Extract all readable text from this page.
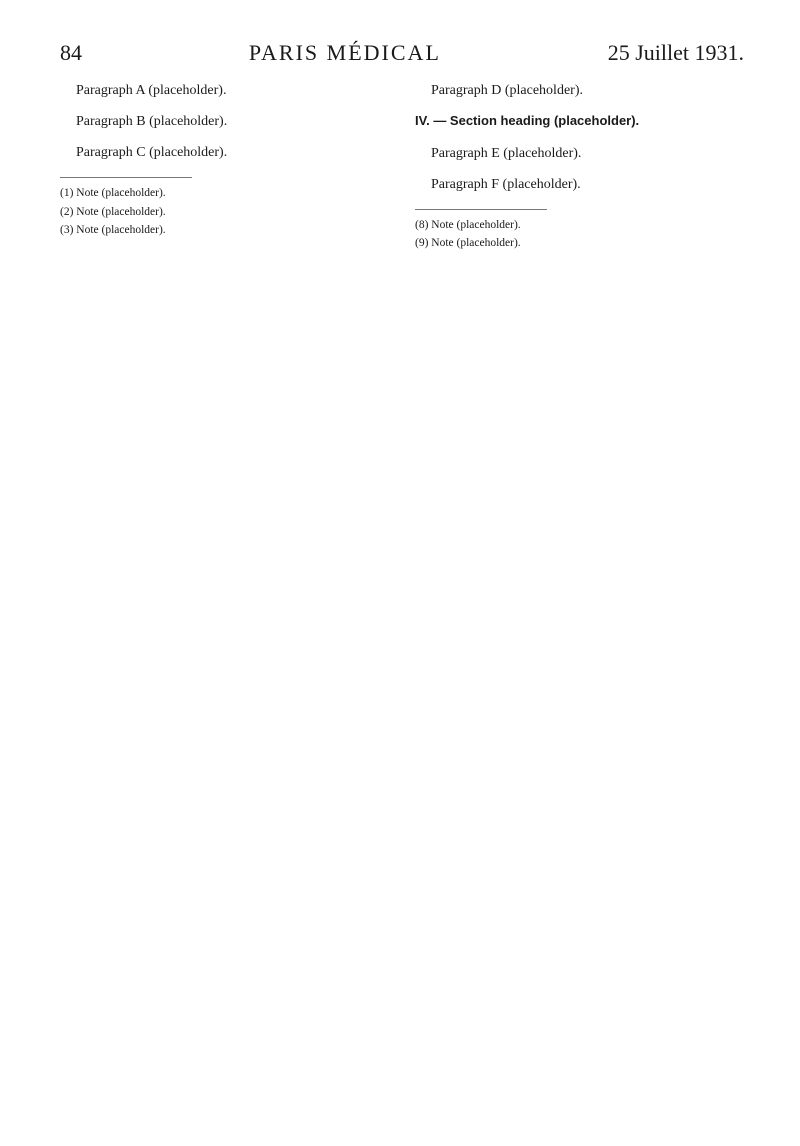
84	PARIS MÉDICAL	25 Juillet 1931.

Paragraph A (placeholder).

Paragraph B (placeholder).

Paragraph C (placeholder).

(1) Note (placeholder).
(2) Note (placeholder).
(3) Note (placeholder).

Paragraph D (placeholder).

IV. — Section heading (placeholder).

Paragraph E (placeholder).

Paragraph F (placeholder).

(8) Note (placeholder).
(9) Note (placeholder).
